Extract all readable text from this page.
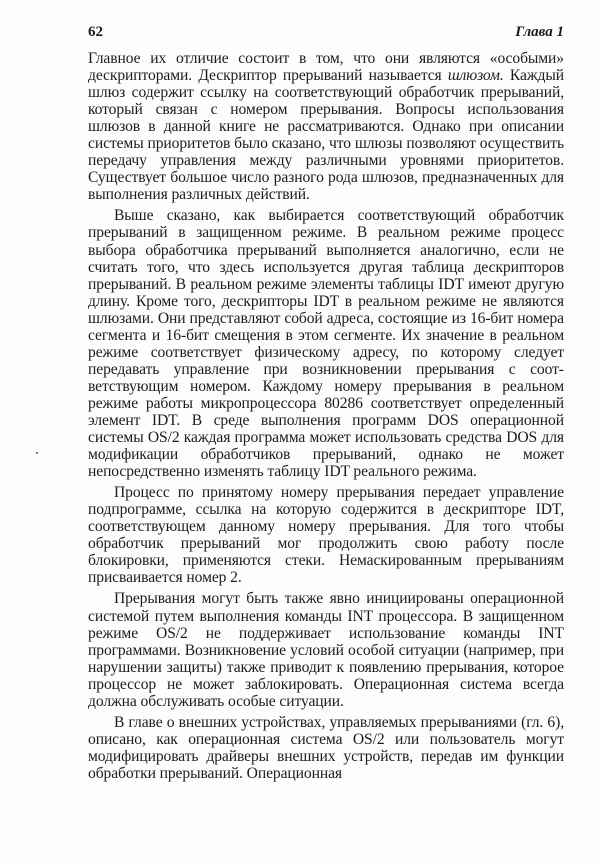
62	Глава 1

Главное их отличие состоит в том, что они являются «особыми» дескрипторами. Дескриптор прерываний называется шлюзом. Каждый шлюз содержит ссылку на соответствующий обработчик прерываний, который связан с номером прерывания. Вопросы использования шлюзов в данной книге не рассматриваются. Однако при описании системы приоритетов было сказано, что шлюзы позволяют осуществить передачу управления между различными уровнями приоритетов. Существует большое число разного рода шлюзов, предназначенных для выполнения различных действий.

Выше сказано, как выбирается соответствующий обработчик прерываний в защищенном режиме. В реальном режиме процесс выбора обработчика прерываний выполняется аналогично, если не считать того, что здесь используется другая таблица дескрипторов прерываний. В реальном режиме элементы таблицы IDT имеют другую длину. Кроме того, дескрипторы IDT в реальном режиме не являются шлюзами. Они представляют собой адреса, состоящие из 16-бит номера сегмента и 16-бит смещения в этом сегменте. Их значение в реальном режиме соответствует физическому адресу, по которому следует передавать управление при возникновении прерывания с соответствующим номером. Каждому номеру прерывания в реальном режиме работы микропроцессора 80286 соответствует определенный элемент IDT. В среде выполнения программ DOS операционной системы OS/2 каждая программа может использовать средства DOS для модификации обработчиков прерываний, однако не может непосредственно изменять таблицу IDT реального режима.

Процесс по принятому номеру прерывания передает управление подпрограмме, ссылка на которую содержится в дескрипторе IDT, соответствующем данному номеру прерывания. Для того чтобы обработчик прерываний мог продолжить свою работу после блокировки, применяются стеки. Немаскированным прерываниям присваивается номер 2.

Прерывания могут быть также явно инициированы операционной системой путем выполнения команды INT процессора. В защищенном режиме OS/2 не поддерживает использование команды INT программами. Возникновение условий особой ситуации (например, при нарушении защиты) также приводит к появлению прерывания, которое процессор не может заблокировать. Операционная система всегда должна обслуживать особые ситуации.

В главе о внешних устройствах, управляемых прерываниями (гл. 6), описано, как операционная система OS/2 или пользователь могут модифицировать драйверы внешних устройств, передав им функции обработки прерываний. Операционная
